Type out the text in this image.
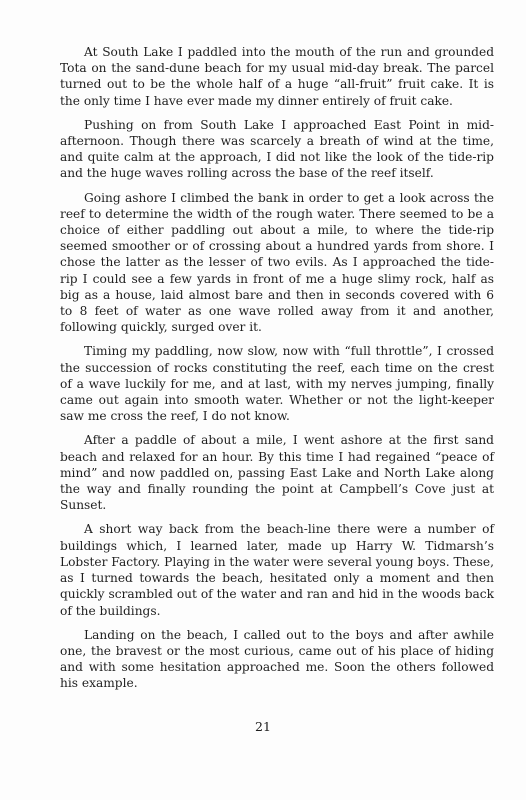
At South Lake I paddled into the mouth of the run and grounded Tota on the sand-dune beach for my usual mid-day break. The parcel turned out to be the whole half of a huge “all-fruit” fruit cake. It is the only time I have ever made my dinner entirely of fruit cake.

Pushing on from South Lake I approached East Point in mid-afternoon. Though there was scarcely a breath of wind at the time, and quite calm at the approach, I did not like the look of the tide-rip and the huge waves rolling across the base of the reef itself.

Going ashore I climbed the bank in order to get a look across the reef to determine the width of the rough water. There seemed to be a choice of either paddling out about a mile, to where the tide-rip seemed smoother or of crossing about a hundred yards from shore. I chose the latter as the lesser of two evils. As I approached the tide-rip I could see a few yards in front of me a huge slimy rock, half as big as a house, laid almost bare and then in seconds covered with 6 to 8 feet of water as one wave rolled away from it and another, following quickly, surged over it.

Timing my paddling, now slow, now with “full throttle”, I crossed the succession of rocks constituting the reef, each time on the crest of a wave luckily for me, and at last, with my nerves jumping, finally came out again into smooth water. Whether or not the light-keeper saw me cross the reef, I do not know.

After a paddle of about a mile, I went ashore at the first sand beach and relaxed for an hour. By this time I had regained “peace of mind” and now paddled on, passing East Lake and North Lake along the way and finally rounding the point at Campbell’s Cove just at Sunset.

A short way back from the beach-line there were a number of buildings which, I learned later, made up Harry W. Tidmarsh’s Lobster Factory. Playing in the water were several young boys. These, as I turned towards the beach, hesitated only a moment and then quickly scrambled out of the water and ran and hid in the woods back of the buildings.

Landing on the beach, I called out to the boys and after awhile one, the bravest or the most curious, came out of his place of hiding and with some hesitation approached me. Soon the others followed his example.

21
